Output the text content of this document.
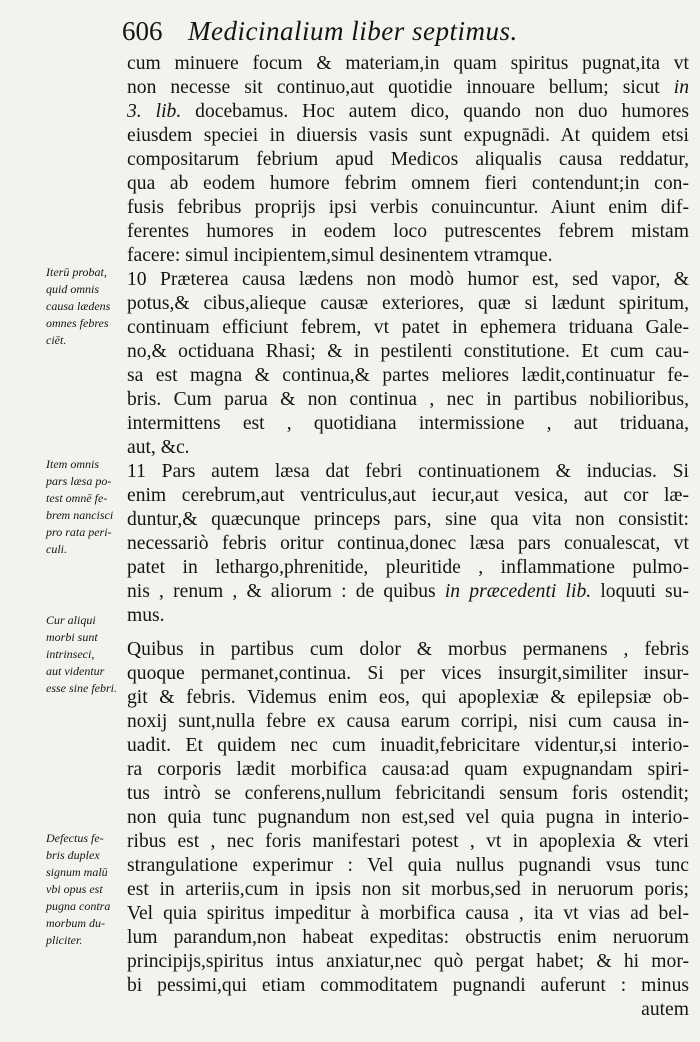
606 Medicinalium liber septimus.
cum minuere focum & materiam,in quam spiritus pugnat,ita vt
non necesse sit continuo,aut quotidie innouare bellum; sicut in
3. lib. docebamus. Hoc autem dico, quando non duo humores
eiusdem speciei in diuersis vasis sunt expugnādi. At quidem etsi
compositarum febrium apud Medicos aliqualis causa reddatur,
qua ab eodem humore febrim omnem fieri contendunt;in con-
fusis febribus proprijs ipsi verbis conuincuntur. Aiunt enim dif-
ferentes humores in eodem loco putrescentes febrem mistam
facere: simul incipientem,simul desinentem vtramque.
10 Præterea causa lædens non modò humor est, sed vapor, &
potus,& cibus,alieque causæ exteriores, quæ si lædunt spiritum,
continuam efficiunt febrem, vt patet in ephemera triduana Gale-
no,& octiduana Rhasi; & in pestilenti constitutione. Et cum cau-
sa est magna & continua,& partes meliores lædit,continuatur fe-
bris. Cum parua & non continua , nec in partibus nobilioribus,
intermittens est , quotidiana intermissione , aut triduana,
aut, &c.
11 Pars autem læsa dat febri continuationem & inducias. Si
enim cerebrum,aut ventriculus,aut iecur,aut vesica, aut cor læ-
duntur,& quæcunque princeps pars, sine qua vita non consistit:
necessariò febris oritur continua,donec læsa pars conualescat, vt
patet in lethargo,phrenitide, pleuritide , inflammatione pulmo-
nis , renum , & aliorum : de quibus in præcedenti lib. loquuti su-
mus.
Quibus in partibus cum dolor & morbus permanens , febris
quoque permanet,continua. Si per vices insurgit,similiter insur-
git & febris. Videmus enim eos, qui apoplexiæ & epilepsiæ ob-
noxij sunt,nulla febre ex causa earum corripi, nisi cum causa in-
uadit. Et quidem nec cum inuadit,febricitare videntur,si interio-
ra corporis lædit morbifica causa:ad quam expugnandam spiri-
tus intrò se conferens,nullum febricitandi sensum foris ostendit;
non quia tunc pugnandum non est,sed vel quia pugna in interio-
ribus est , nec foris manifestari potest , vt in apoplexia & vteri
strangulatione experimur : Vel quia nullus pugnandi vsus tunc
est in arteriis,cum in ipsis non sit morbus,sed in neruorum poris;
Vel quia spiritus impeditur à morbifica causa , ita vt vias ad bel-
lum parandum,non habeat expeditas: obstructis enim neruorum
principijs,spiritus intus anxiatur,nec quò pergat habet; & hi mor-
bi pessimi,qui etiam commoditatem pugnandi auferunt : minus
autem
Iterū probat,
quid omnis
causa lædens
omnes febres
ciēt.
Item omnis
pars læsa po-
test omnē fe-
brem nancisci
pro rata peri-
culi.
Cur aliqui
morbi sunt
intrinseci,
aut videntur
esse sine febri.
Defectus fe-
bris duplex
signum malū
vbi opus est
pugna contra
morbum du-
pliciter.
